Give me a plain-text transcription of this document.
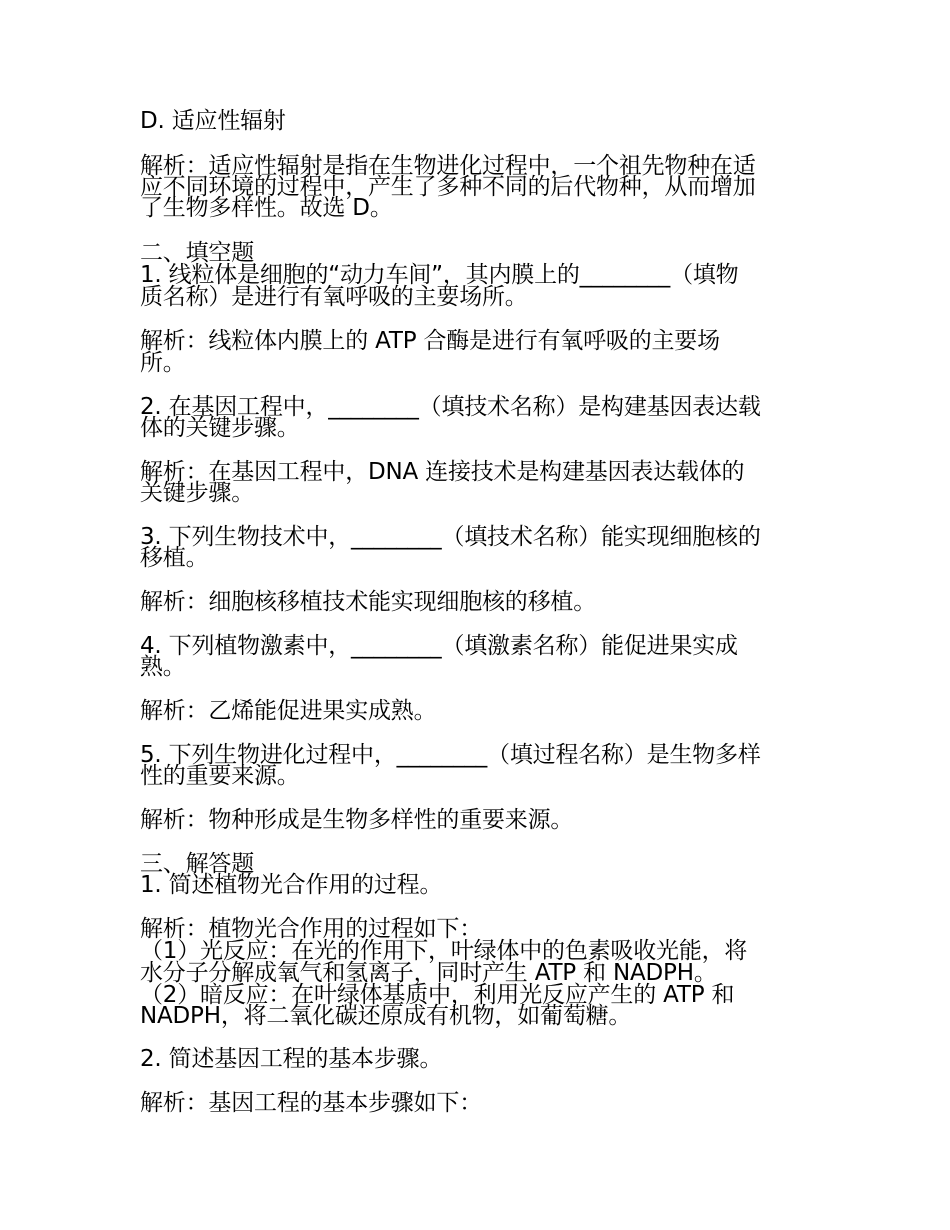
D. 适应性辐射
解析：适应性辐射是指在生物进化过程中，一个祖先物种在适
应不同环境的过程中，产生了多种不同的后代物种，从而增加
了生物多样性。故选 D。
二、填空题
1. 线粒体是细胞的“动力车间”，其内膜上的________（填物
质名称）是进行有氧呼吸的主要场所。
解析：线粒体内膜上的 ATP 合酶是进行有氧呼吸的主要场
所。
2. 在基因工程中，________（填技术名称）是构建基因表达载
体的关键步骤。
解析：在基因工程中，DNA 连接技术是构建基因表达载体的
关键步骤。
3. 下列生物技术中，________（填技术名称）能实现细胞核的
移植。
解析：细胞核移植技术能实现细胞核的移植。
4. 下列植物激素中，________（填激素名称）能促进果实成
熟。
解析：乙烯能促进果实成熟。
5. 下列生物进化过程中，________（填过程名称）是生物多样
性的重要来源。
解析：物种形成是生物多样性的重要来源。
三、解答题
1. 简述植物光合作用的过程。
解析：植物光合作用的过程如下：
（1）光反应：在光的作用下，叶绿体中的色素吸收光能，将
水分子分解成氧气和氢离子，同时产生 ATP 和 NADPH。
（2）暗反应：在叶绿体基质中，利用光反应产生的 ATP 和
NADPH，将二氧化碳还原成有机物，如葡萄糖。
2. 简述基因工程的基本步骤。
解析：基因工程的基本步骤如下：
